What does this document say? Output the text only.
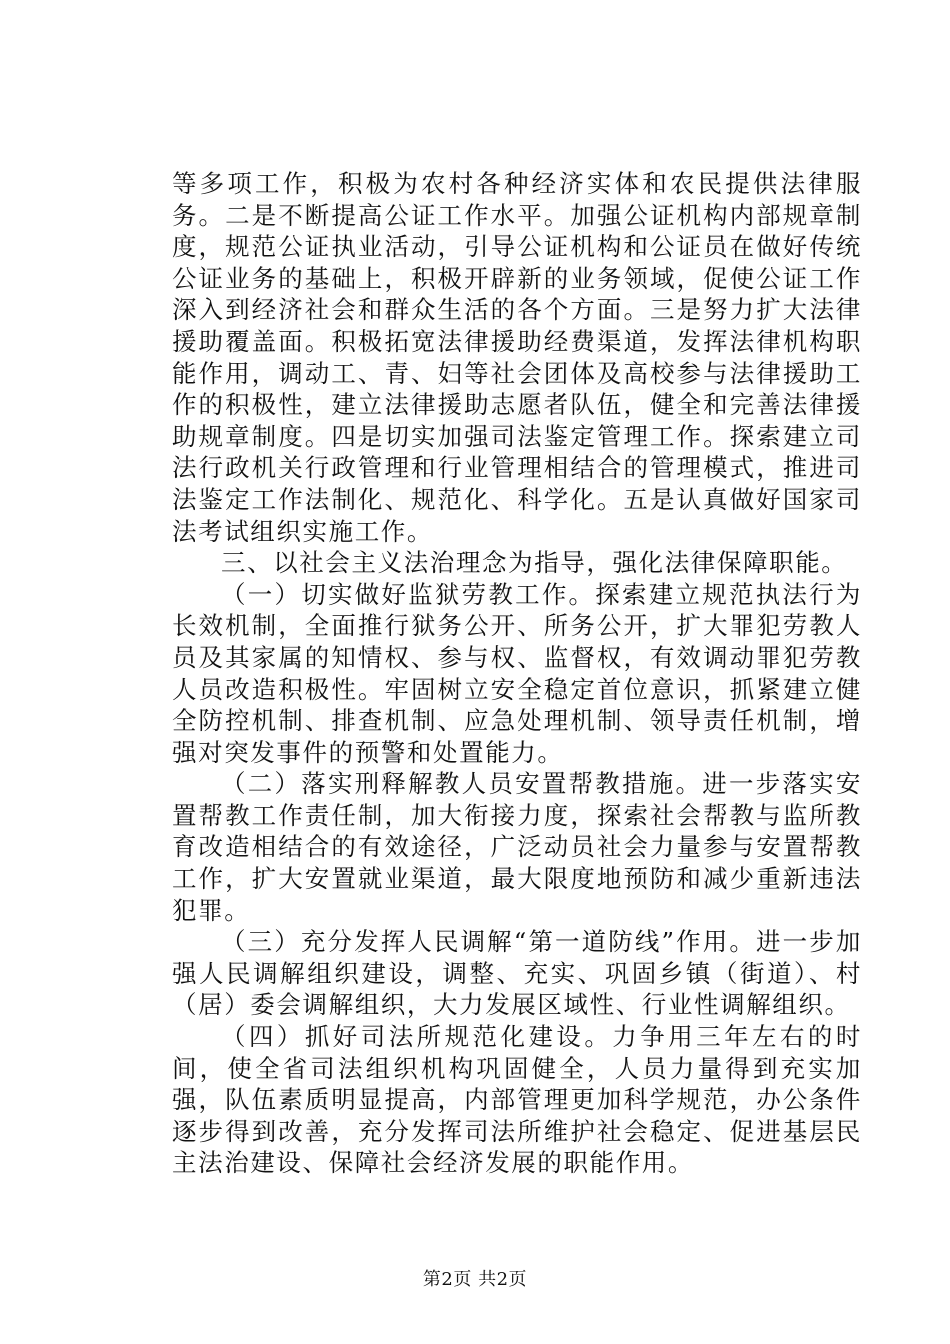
等多项工作，积极为农村各种经济实体和农民提供法律服务。二是不断提高公证工作水平。加强公证机构内部规章制度，规范公证执业活动，引导公证机构和公证员在做好传统公证业务的基础上，积极开辟新的业务领域，促使公证工作深入到经济社会和群众生活的各个方面。三是努力扩大法律援助覆盖面。积极拓宽法律援助经费渠道，发挥法律机构职能作用，调动工、青、妇等社会团体及高校参与法律援助工作的积极性，建立法律援助志愿者队伍，健全和完善法律援助规章制度。四是切实加强司法鉴定管理工作。探索建立司法行政机关行政管理和行业管理相结合的管理模式，推进司法鉴定工作法制化、规范化、科学化。五是认真做好国家司法考试组织实施工作。

三、以社会主义法治理念为指导，强化法律保障职能。

（一）切实做好监狱劳教工作。探索建立规范执法行为长效机制，全面推行狱务公开、所务公开，扩大罪犯劳教人员及其家属的知情权、参与权、监督权，有效调动罪犯劳教人员改造积极性。牢固树立安全稳定首位意识，抓紧建立健全防控机制、排查机制、应急处理机制、领导责任机制，增强对突发事件的预警和处置能力。

（二）落实刑释解教人员安置帮教措施。进一步落实安置帮教工作责任制，加大衔接力度，探索社会帮教与监所教育改造相结合的有效途径，广泛动员社会力量参与安置帮教工作，扩大安置就业渠道，最大限度地预防和减少重新违法犯罪。

（三）充分发挥人民调解“第一道防线”作用。进一步加强人民调解组织建设，调整、充实、巩固乡镇（街道）、村（居）委会调解组织，大力发展区域性、行业性调解组织。

（四）抓好司法所规范化建设。力争用三年左右的时间，使全省司法组织机构巩固健全，人员力量得到充实加强，队伍素质明显提高，内部管理更加科学规范，办公条件逐步得到改善，充分发挥司法所维护社会稳定、促进基层民主法治建设、保障社会经济发展的职能作用。

第2页 共2页
